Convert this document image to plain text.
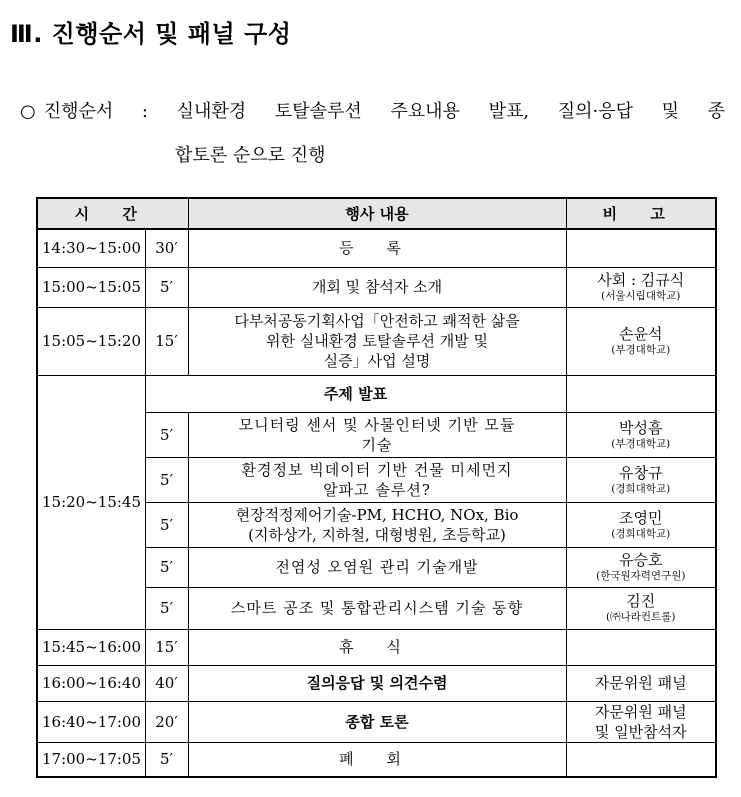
Ⅲ. 진행순서 및 패널 구성
○ 진행순서 : 실내환경 토탈솔루션 주요내용 발표, 질의·응답 및 종
합토론 순으로 진행
시 간		행사 내용	비 고
14:30~15:00	30′	등 록	
15:00~15:05	5′	개회 및 참석자 소개	사회 : 김규식
(서울시립대학교)

15:05~15:20	15′	다부처공동기획사업「안전하고 쾌적한 삶을
위한 실내환경 토탈솔루션 개발 및
실증」사업 설명	손윤석
(부경대학교)

15:20~15:45	주제 발표		
	5′	모니터링 센서 및 사물인터넷 기반 모듈
기술	박성흠
(부경대학교)

	5′	환경정보 빅데이터 기반 건물 미세먼지
알파고 솔루션?	유창규
(경희대학교)

	5′	현장적정제어기술-PM, HCHO, NOx, Bio
(지하상가, 지하철, 대형병원, 초등학교)	조영민
(경희대학교)

	5′	전염성 오염원 관리 기술개발	유승호
(한국원자력연구원)

	5′	스마트 공조 및 통합관리시스템 기술 동향	김진
(㈜나라컨트롤)

15:45~16:00	15′	휴 식	
16:00~16:40	40′	질의응답 및 의견수렴	자문위원 패널
16:40~17:00	20′	종합 토론	자문위원 패널
및 일반참석자

17:00~17:05	5′	폐 회	
